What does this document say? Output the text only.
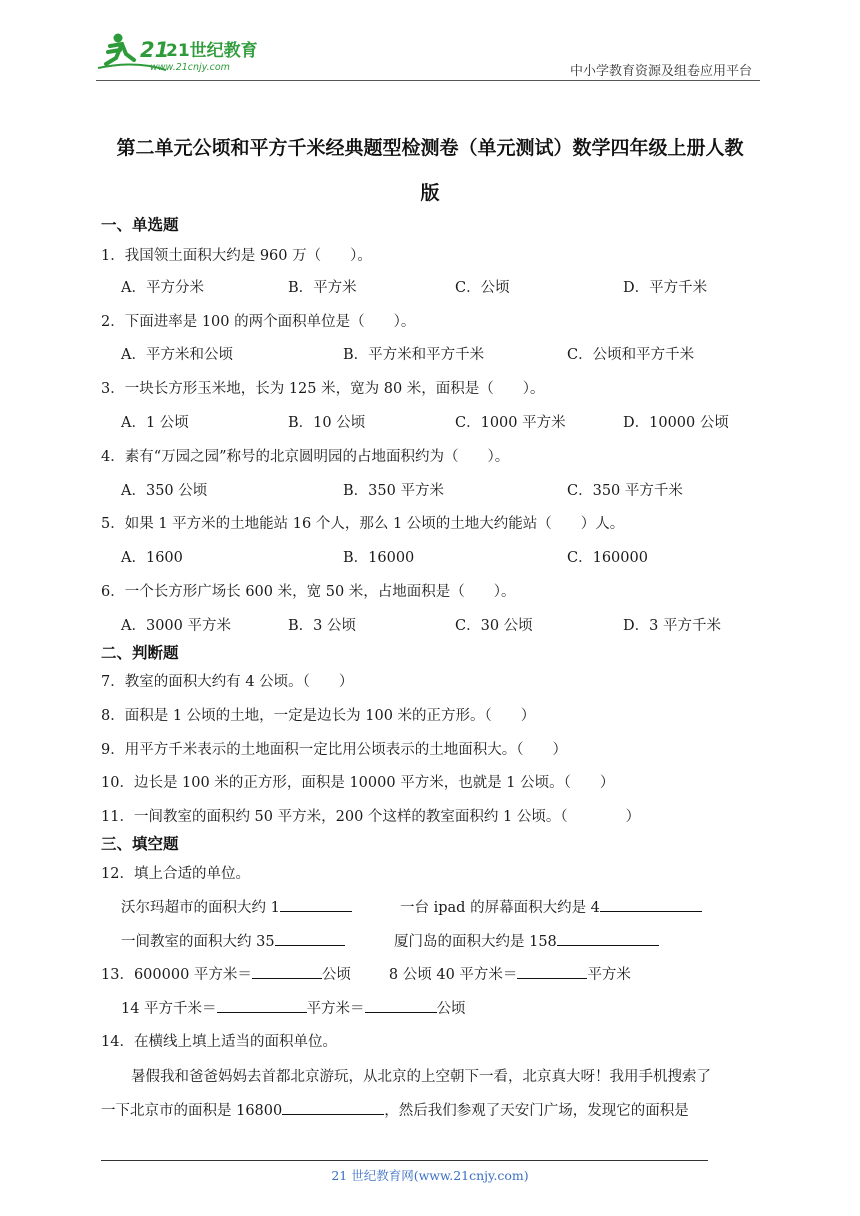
21
21世纪教育
www.21cnjy.com	中小学教育资源及组卷应用平台
第二单元公顷和平方千米经典题型检测卷（单元测试）数学四年级上册人教
版
一、单选题
1．我国领土面积大约是 960 万（　　）。
A．平方分米	B．平方米	C．公顷	D．平方千米
2．下面进率是 100 的两个面积单位是（　　）。
A．平方米和公顷	B．平方米和平方千米	C．公顷和平方千米
3．一块长方形玉米地，长为 125 米，宽为 80 米，面积是（　　）。
A．1 公顷	B．10 公顷	C．1000 平方米	D．10000 公顷
4．素有“万园之园”称号的北京圆明园的占地面积约为（　　）。
A．350 公顷	B．350 平方米	C．350 平方千米
5．如果 1 平方米的土地能站 16 个人，那么 1 公顷的土地大约能站（　　）人。
A．1600	B．16000	C．160000
6．一个长方形广场长 600 米，宽 50 米，占地面积是（　　）。
A．3000 平方米	B．3 公顷	C．30 公顷	D．3 平方千米
二、判断题
7．教室的面积大约有 4 公顷。（　　）
8．面积是 1 公顷的土地，一定是边长为 100 米的正方形。（　　）
9．用平方千米表示的土地面积一定比用公顷表示的土地面积大。（　　）
10．边长是 100 米的正方形，面积是 10000 平方米，也就是 1 公顷。（　　）
11．一间教室的面积约 50 平方米，200 个这样的教室面积约 1 公顷。（　　　　）
三、填空题
12．填上合适的单位。
沃尔玛超市的面积大约 1	一台 ipad 的屏幕面积大约是 4
一间教室的面积大约 35	厦门岛的面积大约是 158
13．600000 平方米＝	公顷	8 公顷 40 平方米＝	平方米
14 平方千米＝	平方米＝	公顷
14．在横线上填上适当的面积单位。
暑假我和爸爸妈妈去首都北京游玩，从北京的上空朝下一看，北京真大呀！我用手机搜索了
一下北京市的面积是 16800	，然后我们参观了天安门广场，发现它的面积是
21 世纪教育网(www.21cnjy.com)
